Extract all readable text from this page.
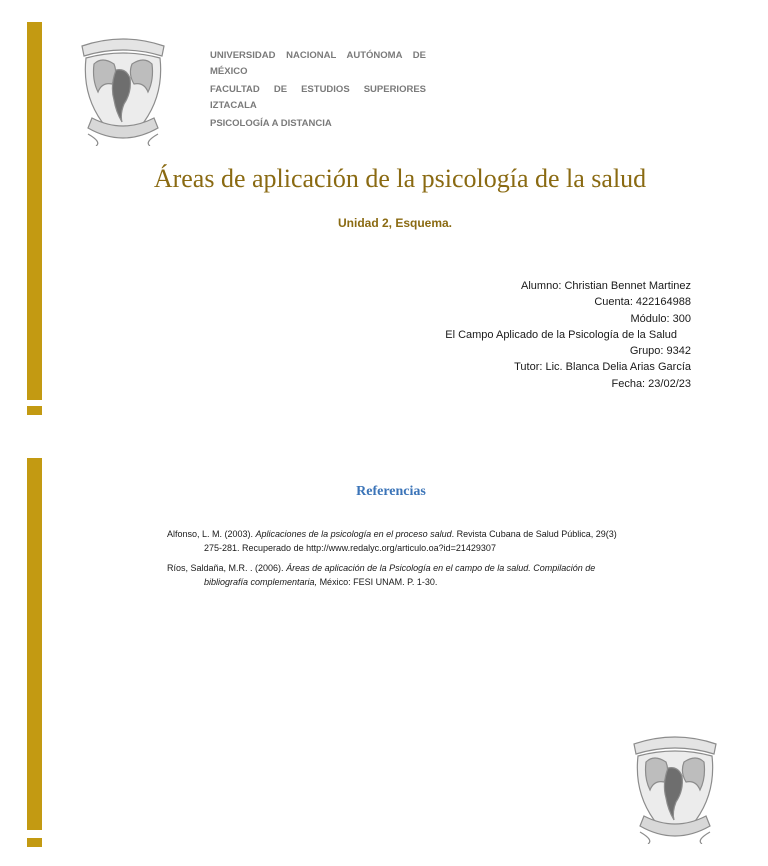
UNIVERSIDAD NACIONAL AUTÓNOMA DE
MÉXICO
FACULTAD DE ESTUDIOS SUPERIORES
IZTACALA
PSICOLOGÍA A DISTANCIA
Áreas de aplicación de la psicología de la salud
Unidad 2, Esquema.
Alumno: Christian Bennet Martinez
Cuenta: 422164988
Módulo: 300
El Campo Aplicado de la Psicología de la Salud
Grupo: 9342
Tutor: Lic. Blanca Delia Arias García
Fecha: 23/02/23
Referencias

Alfonso, L. M. (2003). Aplicaciones de la psicología en el proceso salud. Revista Cubana de Salud Pública, 29(3) 275-281. Recuperado de http://www.redalyc.org/articulo.oa?id=21429307

Ríos, Saldaña, M.R. . (2006). Áreas de aplicación de la Psicología en el campo de la salud. Compilación de bibliografía complementaria, México: FESI UNAM. P. 1-30.
